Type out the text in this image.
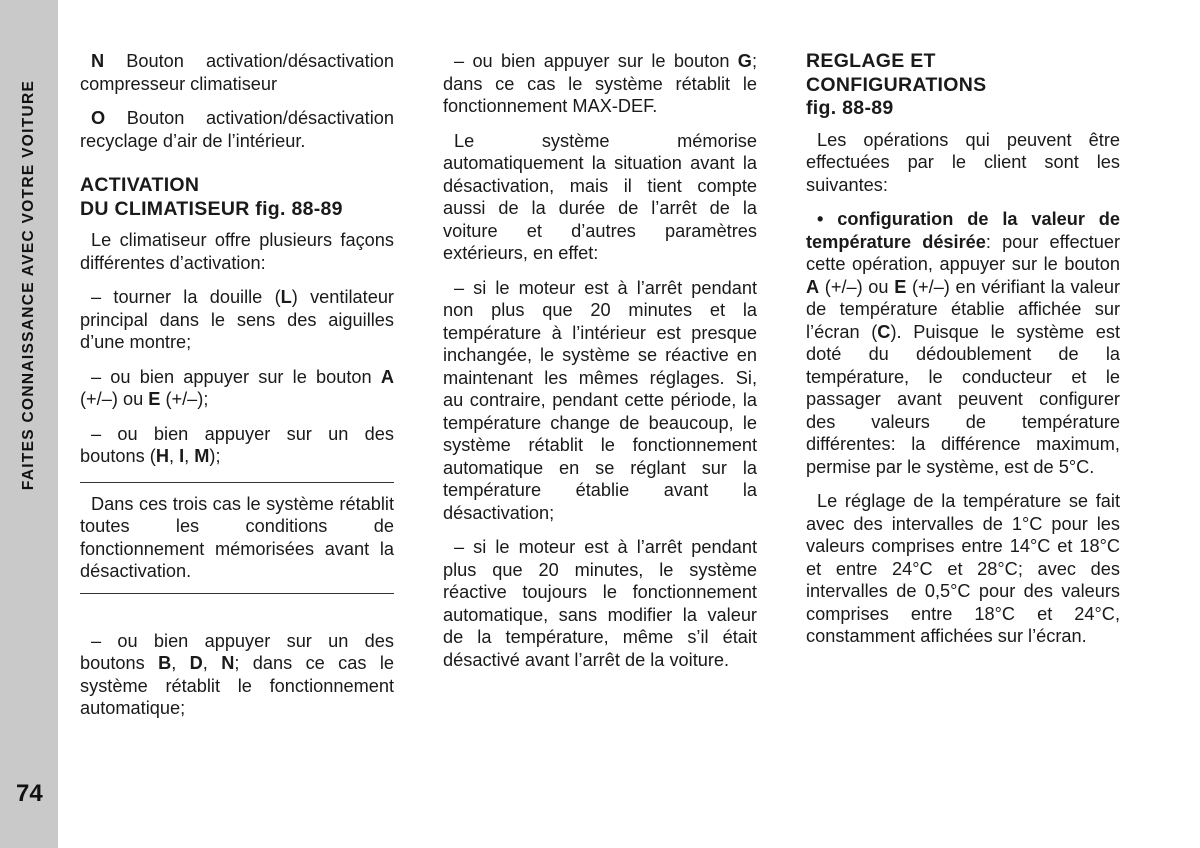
FAITES CONNAISSANCE AVEC VOTRE VOITURE
74

N Bouton activation/désactivation compresseur climatiseur

O Bouton activation/désactivation recyclage d’air de l’intérieur.

ACTIVATION
DU CLIMATISEUR fig. 88-89

Le climatiseur offre plusieurs façons différentes d’activation:

– tourner la douille (L) ventilateur principal dans le sens des aiguilles d’une montre;

– ou bien appuyer sur le bouton A (+/–) ou E (+/–);

– ou bien appuyer sur un des boutons (H, I, M);

Dans ces trois cas le système rétablit toutes les conditions de fonctionnement mémorisées avant la désactivation.

– ou bien appuyer sur un des boutons B, D, N; dans ce cas le système rétablit le fonctionnement automatique;

– ou bien appuyer sur le bouton G; dans ce cas le système rétablit le fonctionnement MAX-DEF.

Le système mémorise automatiquement la situation avant la désactivation, mais il tient compte aussi de la durée de l’arrêt de la voiture et d’autres paramètres extérieurs, en effet:

– si le moteur est à l’arrêt pendant non plus que 20 minutes et la température à l’intérieur est presque inchangée, le système se réactive en maintenant les mêmes réglages. Si, au contraire, pendant cette période, la température change de beaucoup, le système rétablit le fonctionnement automatique en se réglant sur la température établie avant la désactivation;

– si le moteur est à l’arrêt pendant plus que 20 minutes, le système réactive toujours le fonctionnement automatique, sans modifier la valeur de la température, même s’il était désactivé avant l’arrêt de la voiture.

REGLAGE ET
CONFIGURATIONS
fig. 88-89

Les opérations qui peuvent être effectuées par le client sont les suivantes:

• configuration de la valeur de température désirée: pour effectuer cette opération, appuyer sur le bouton A (+/–) ou E (+/–) en vérifiant la valeur de température établie affichée sur l’écran (C). Puisque le système est doté du dédoublement de la température, le conducteur et le passager avant peuvent configurer des valeurs de température différentes: la différence maximum, permise par le système, est de 5°C.

Le réglage de la température se fait avec des intervalles de 1°C pour les valeurs comprises entre 14°C et 18°C et entre 24°C et 28°C; avec des intervalles de 0,5°C pour des valeurs comprises entre 18°C et 24°C, constamment affichées sur l’écran.
